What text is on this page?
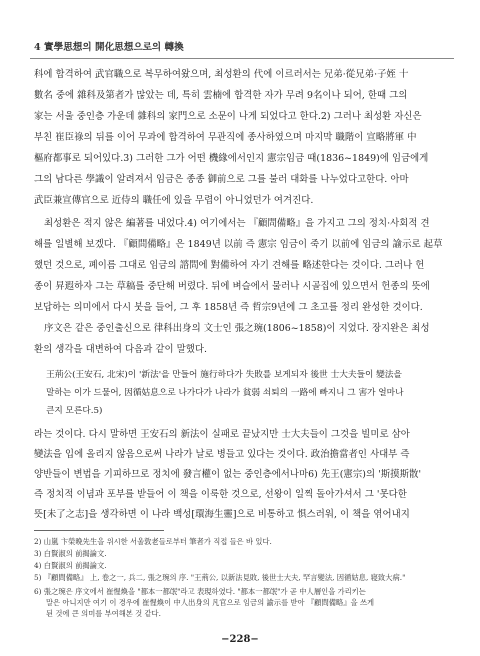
4 實學思想의 開化思想으로의 轉換
科에 합격하여 武官職으로 복무하여왔으며, 최성환의 代에 이르러서는 兄弟·從兄弟·子姪 十
數名 중에 雜科及第者가 많았는 데, 특히 雲楠에 합격한 자가 무려 9名이나 되어, 한때 그의
家는 서울 중인층 가운데 雜科의 家門으로 소문이 나게 되었다고 한다.2) 그러나 최성환 자신은
부친 崔臣祿의 뒤를 이어 무과에 합격하여 무관직에 종사하였으며 마지막 職階이 宣略將軍 中
樞府都事로 되어있다.3) 그러한 그가 어떤 機緣에서인지 憲宗임금 때(1836~1849)에 임금에게
그의 남다른 學識이 알려져서 임금은 종종 御前으로 그를 불러 대화를 나누었다고한다. 아마
武臣兼宣傳官으로 近侍의 職任에 있을 무렵이 아니었던가 여겨진다.
최성환은 적지 않은 編著를 내었다.4) 여기에서는 『顧問備略』을 가지고 그의 정치·사회적 견
해를 일별해 보겠다. 『顧問備略』은 1849년 以前 즉 憲宗 임금이 죽기 以前에 임금의 諭示로 起草
했던 것으로, 폐이름 그대로 임금의 諮問에 對備하여 자기 견해를 略述한다는 것이다. 그러나 헌
종이 昇遐하자 그는 草稿를 중단해 버렸다. 뒤에 벼슬에서 물러나 시골집에 있으면서 헌종의 뜻에
보답하는 의미에서 다시 붓을 들어, 그 후 1858년 즉 哲宗9년에 그 초고를 정리 완성한 것이다.
序文은 같은 중인출신으로 律科出身의 文士인 張之琬(1806~1858)이 지었다. 장지완은 최성
환의 생각을 대변하여 다음과 같이 말했다.
王荊公(王安石, 北宋)이 '新法'을 만들어 施行하다가 失敗를 보게되자 後世 士大夫들이 變法을
말하는 이가 드물어, 因循姑息으로 나가다가 나라가 貧弱 쇠퇴의 一路에 빠지니 그 害가 얼마나
큰지 모른다.5)
라는 것이다. 다시 말하면 王安石의 新法이 실패로 끝났지만 士大夫들이 그것을 빌미로 삼아
變法을 입에 올리지 않음으로써 나라가 날로 병들고 있다는 것이다. 政治擔當者인 사대부 즉
양반들이 변법을 기피하므로 정치에 發言權이 없는 중인층에서나마6) 先王(憲宗)의 '斯摸斯散'
즉 정치적 이념과 포부를 받들어 이 책을 이룩한 것으로, 선왕이 일찍 돌아가셔서 그 '못다한
뜻[未了之志]을 생각하면 이 나라 백성[環海生靈]으로 비통하고 惧스러워, 이 책을 엮어내지
2) 山嵐 卞榮晩先生을 위시한 서울敦老들로부터 筆者가 직접 들은 바 있다.
3) 白賢淑의 前揭論文.
4) 白賢淑의 前揭論文.
5) 『顧問備略』 上, 卷之一, 兵二, 張之琬의 序. "王荊公, 以新法見敗, 後世士大夫, 罕言變法, 因循姑息, 寝致大病."
6) 張之琬은 序文에서 崔惺煥을 "都本一都氓"라고 表現하였다. "都本一都氓"가 곧 中人層인을 가리키는
말은 아니지만 여기 이 경우에 崔惺煥이 中人出身의 凡官으로 임금의 諭示를 받아 『顧問備略』을 쓰게
된 것에 큰 의미를 부여해본 것 같다.
−228−
